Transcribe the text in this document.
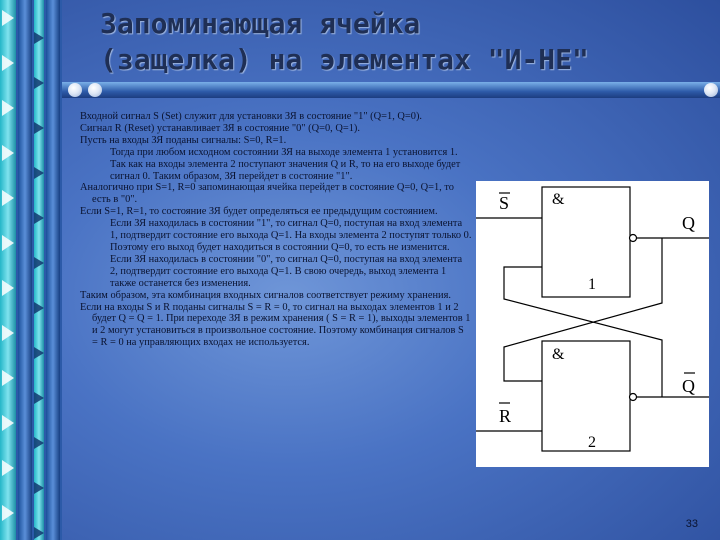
Запоминающая ячейка
(защелка) на элементах "И-НЕ"

Входной сигнал S (Set) служит для установки ЗЯ в состояние "1" (Q=1, Q=0).

Сигнал R (Reset) устанавливает ЗЯ в состояние "0" (Q=0, Q=1).

Пусть на входы ЗЯ поданы сигналы: S=0, R=1.

Тогда при любом исходном состоянии ЗЯ на выходе элемента 1 установится 1.

Так как на входы элемента 2 поступают значения Q и R, то на его выходе будет сигнал 0. Таким образом, ЗЯ перейдет в состояние "1".

Аналогично при S=1, R=0 запоминающая ячейка перейдет в состояние Q=0, Q=1, то есть в "0".

Если S=1, R=1, то состояние ЗЯ будет определяться ее предыдущим состоянием.

Если ЗЯ находилась в состоянии "1", то сигнал Q=0, поступая на вход элемента 1, подтвердит состояние его выхода Q=1. На входы элемента 2 поступят только 0. Поэтому его выход будет находиться в состоянии Q=0, то есть не изменится.

Если ЗЯ находилась в состоянии "0", то сигнал Q=0, поступая на вход элемента 2, подтвердит состояние его выхода Q=1. В свою очередь, выход элемента 1 также останется без изменения.

Таким образом, эта комбинация входных сигналов соответствует режиму хранения.

Если на входы S и R поданы сигналы S = R = 0, то сигнал на выходах элементов 1 и 2 будет Q = Q = 1. При переходе ЗЯ в режим хранения ( S = R = 1), выходы элементов 1 и 2 могут установиться в произвольное состояние. Поэтому комбинация сигналов S = R = 0 на управляющих входах не используется.

S
R
Q
Q
&
&
1
2
33
